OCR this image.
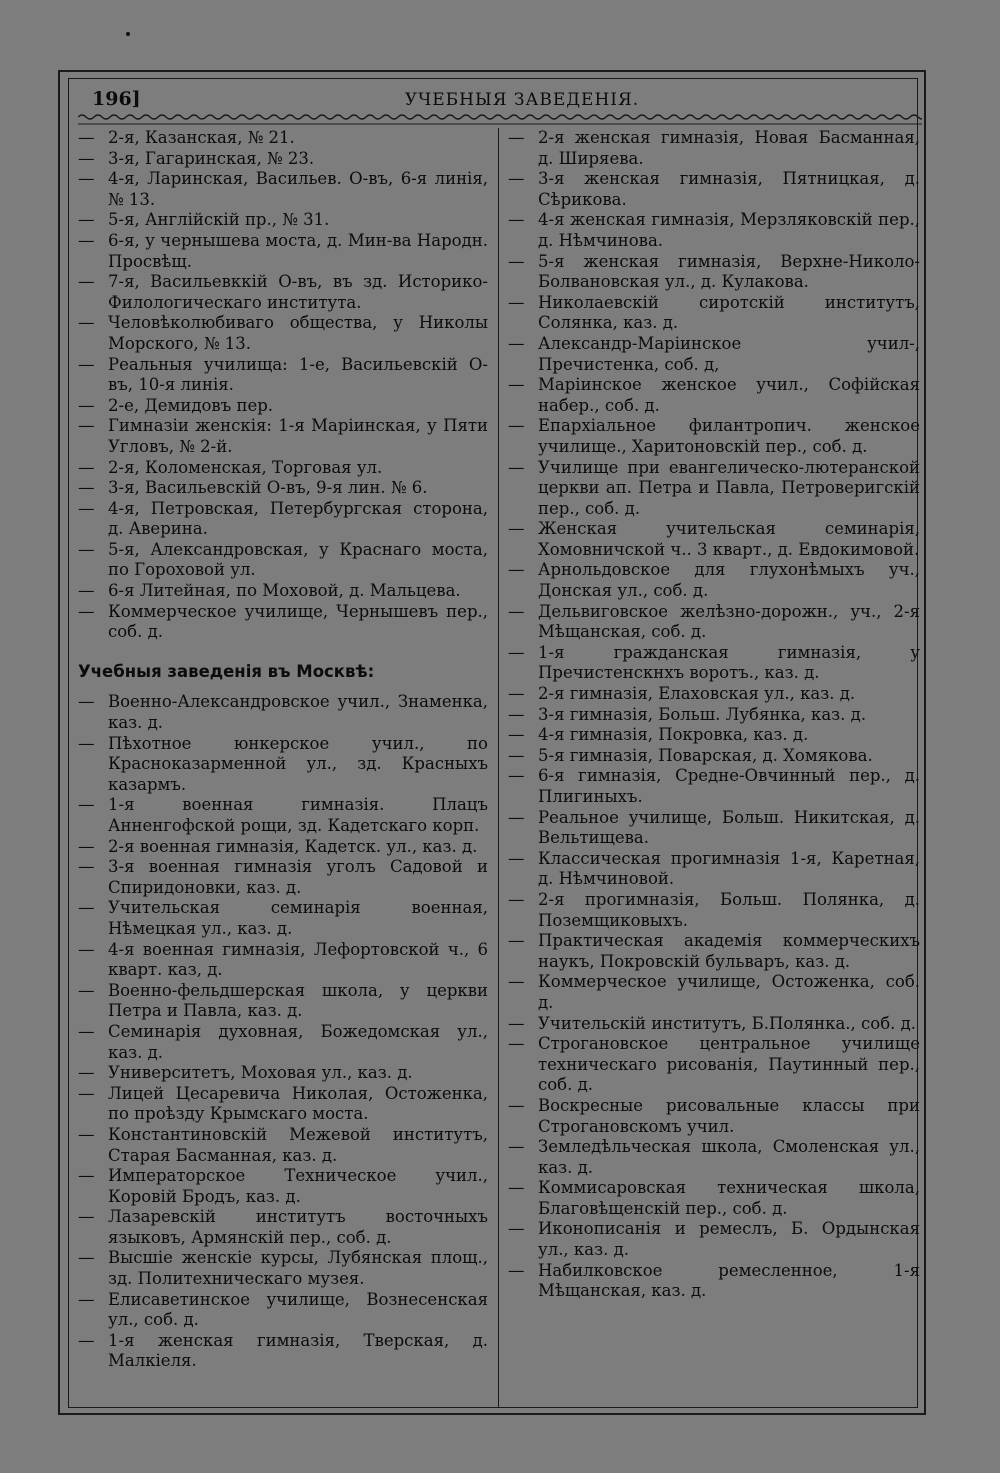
196]	УЧЕБНЫЯ ЗАВЕДЕНІЯ.
— 2-я, Казанская, № 21.
— 3-я, Гагаринская, № 23.
— 4-я, Ларинская, Васильев. О-въ, 6-я линія, № 13.
— 5-я, Англійскій пр., № 31.
— 6-я, у чернышева моста, д. Мин-ва Народн. Просвѣщ.
— 7-я, Васильевккій О-въ, въ зд. Историко-Филологическаго института.
— Человѣколюбиваго общества, у Николы Морского, № 13.
— Реальныя училища: 1-е, Васильевскій О-въ, 10-я линія.
— 2-е, Демидовъ пер.
— Гимназіи женскія: 1-я Маріинская, у Пяти Угловъ, № 2-й.
— 2-я, Коломенская, Торговая ул.
— 3-я, Васильевскій О-въ, 9-я лин. № 6.
— 4-я, Петровская, Петербургская сторона, д. Аверина.
— 5-я, Александровская, у Краснаго моста, по Гороховой ул.
— 6-я Литейная, по Моховой, д. Мальцева.
— Коммерческое училище, Чернышевъ пер., соб. д.
Учебныя заведенія въ Москвѣ:
— Военно-Александровское учил., Знаменка, каз. д.
— Пѣхотное юнкерское учил., по Красноказарменной ул., зд. Красныхъ казармъ.
— 1-я военная гимназія. Плацъ Анненгофской рощи, зд. Кадетскаго корп.
— 2-я военная гимназія, Кадетск. ул., каз. д.
— 3-я военная гимназія уголъ Садовой и Спиридоновки, каз. д.
— Учительская семинарія военная, Нѣмецкая ул., каз. д.
— 4-я военная гимназія, Лефортовской ч., 6 кварт. каз, д.
— Военно-фельдшерская школа, у церкви Петра и Павла, каз. д.
— Семинарія духовная, Божедомская ул., каз. д.
— Университетъ, Моховая ул., каз. д.
— Лицей Цесаревича Николая, Остоженка, по проѣзду Крымскаго моста.
— Константиновскій Межевой институтъ, Старая Басманная, каз. д.
— Императорское Техническое учил., Коровій Бродъ, каз. д.
— Лазаревскій институтъ восточныхъ языковъ, Армянскій пер., соб. д.
— Высшіе женскіе курсы, Лубянская площ., зд. Политехническаго музея.
— Елисаветинское училище, Вознесенская ул., соб. д.
— 1-я женская гимназія, Тверская, д. Малкіеля.
— 2-я женская гимназія, Новая Басманная, д. Ширяева.
— 3-я женская гимназія, Пятницкая, д. Сѣрикова.
— 4-я женская гимназія, Мерзляковскій пер., д. Нѣмчинова.
— 5-я женская гимназія, Верхне-Николо-Болвановская ул., д. Кулакова.
— Николаевскій сиротскій институтъ, Солянка, каз. д.
— Александр-Маріинское учил-, Пречистенка, соб. д,
— Маріинское женское учил., Софійская набер., соб. д.
— Епархіальное филантропич. женское училище., Харитоновскій пер., соб. д.
— Училище при евангелическо-лютеранской церкви ап. Петра и Павла, Петроверигскій пер., соб. д.
— Женская учительская семинарія, Хомовничской ч.. 3 кварт., д. Евдокимовой.
— Арнольдовское для глухонѣмыхъ уч., Донская ул., соб. д.
— Дельвиговское желѣзно-дорожн., уч., 2-я Мѣщанская, соб. д.
— 1-я гражданская гимназія, у Пречистенскнхъ воротъ., каз. д.
— 2-я гимназія, Елаховская ул., каз. д.
— 3-я гимназія, Больш. Лубянка, каз. д.
— 4-я гимназія, Покровка, каз. д.
— 5-я гимназія, Поварская, д. Хомякова.
— 6-я гимназія, Средне-Овчинный пер., д. Плигиныхъ.
— Реальное училище, Больш. Никитская, д. Вельтищева.
— Классическая прогимназія 1-я, Каретная, д. Нѣмчиновой.
— 2-я прогимназія, Больш. Полянка, д. Поземщиковыхъ.
— Практическая академія коммерческихъ наукъ, Покровскій бульваръ, каз. д.
— Коммерческое училище, Остоженка, соб. д.
— Учительскій институтъ, Б.Полянка., соб. д.
— Строгановское центральное училище техническаго рисованія, Паутинный пер., соб. д.
— Воскресные рисовальные классы при Строгановскомъ учил.
— Земледѣльческая школа, Смоленская ул., каз. д.
— Коммисаровская техническая школа, Благовѣщенскій пер., соб. д.
— Иконописанія и ремеслъ, Б. Ордынская ул., каз. д.
— Набилковское ремесленное, 1-я Мѣщанская, каз. д.
